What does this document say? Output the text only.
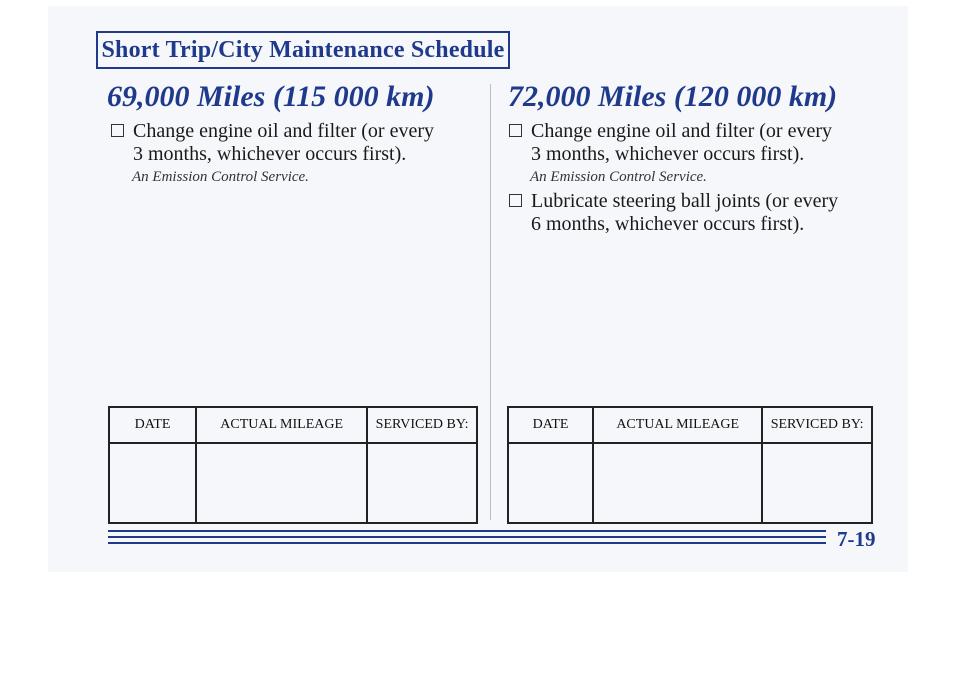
Short Trip/City Maintenance Schedule
69,000 Miles (115 000 km)
Change engine oil and filter (or every
3 months, whichever occurs first).
An Emission Control Service.
DATE	ACTUAL MILEAGE	SERVICED BY:

72,000 Miles (120 000 km)
Change engine oil and filter (or every
3 months, whichever occurs first).
An Emission Control Service.
Lubricate steering ball joints (or every
6 months, whichever occurs first).
DATE	ACTUAL MILEAGE	SERVICED BY:

7-19
